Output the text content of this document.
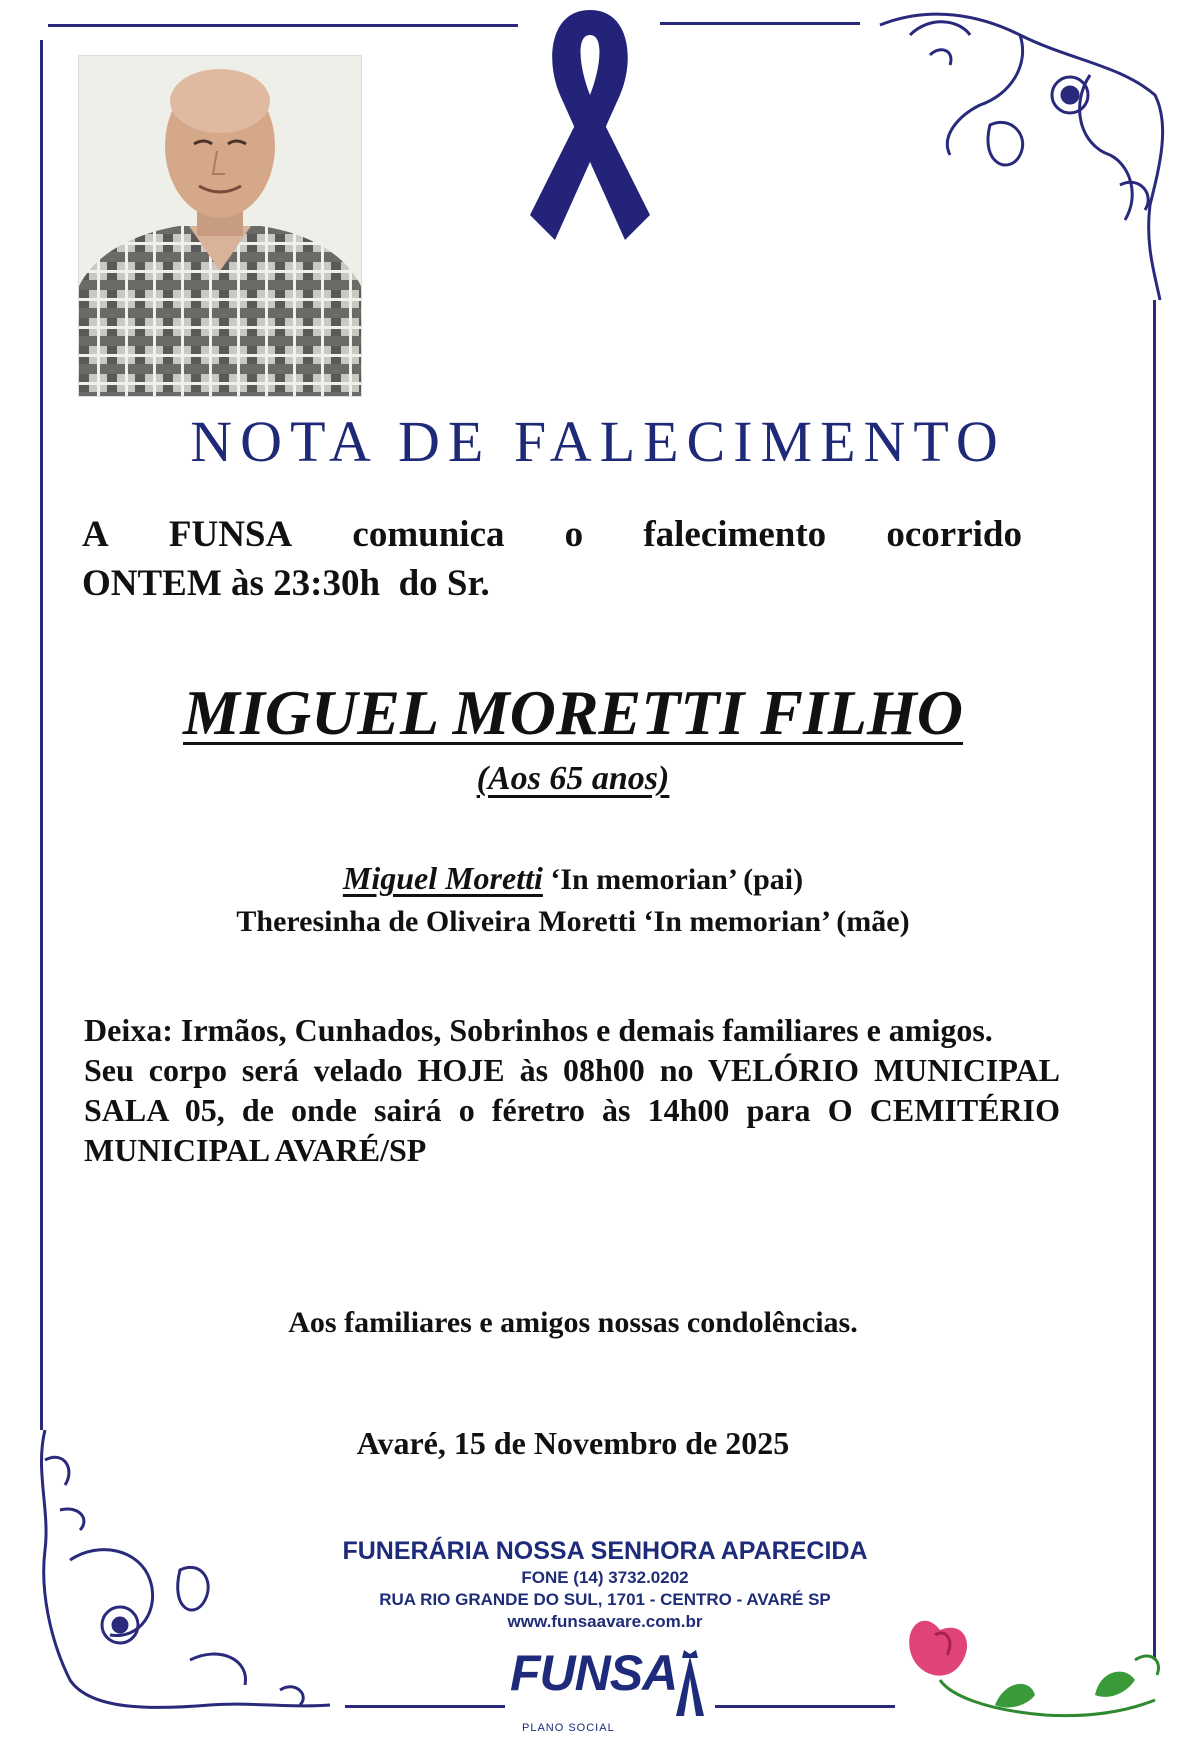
NOTA DE FALECIMENTO
A FUNSA comunica o falecimento ocorrido
ONTEM às 23:30h  do Sr.
MIGUEL MORETTI FILHO
(Aos 65 anos)
Miguel Moretti ‘In memorian’ (pai)
Theresinha de Oliveira Moretti ‘In memorian’ (mãe)

Deixa: Irmãos, Cunhados, Sobrinhos e demais familiares e amigos.

Seu corpo será velado HOJE às 08h00 no VELÓRIO MUNICIPAL SALA 05, de onde sairá o féretro às 14h00 para O CEMITÉRIO MUNICIPAL AVARÉ/SP

Aos familiares e amigos nossas condolências.
Avaré, 15 de Novembro de 2025
FUNERÁRIA NOSSA SENHORA APARECIDA
FONE (14) 3732.0202
RUA RIO GRANDE DO SUL, 1701 - CENTRO - AVARÉ SP
www.funsaavare.com.br
FUNSA
PLANO SOCIAL
